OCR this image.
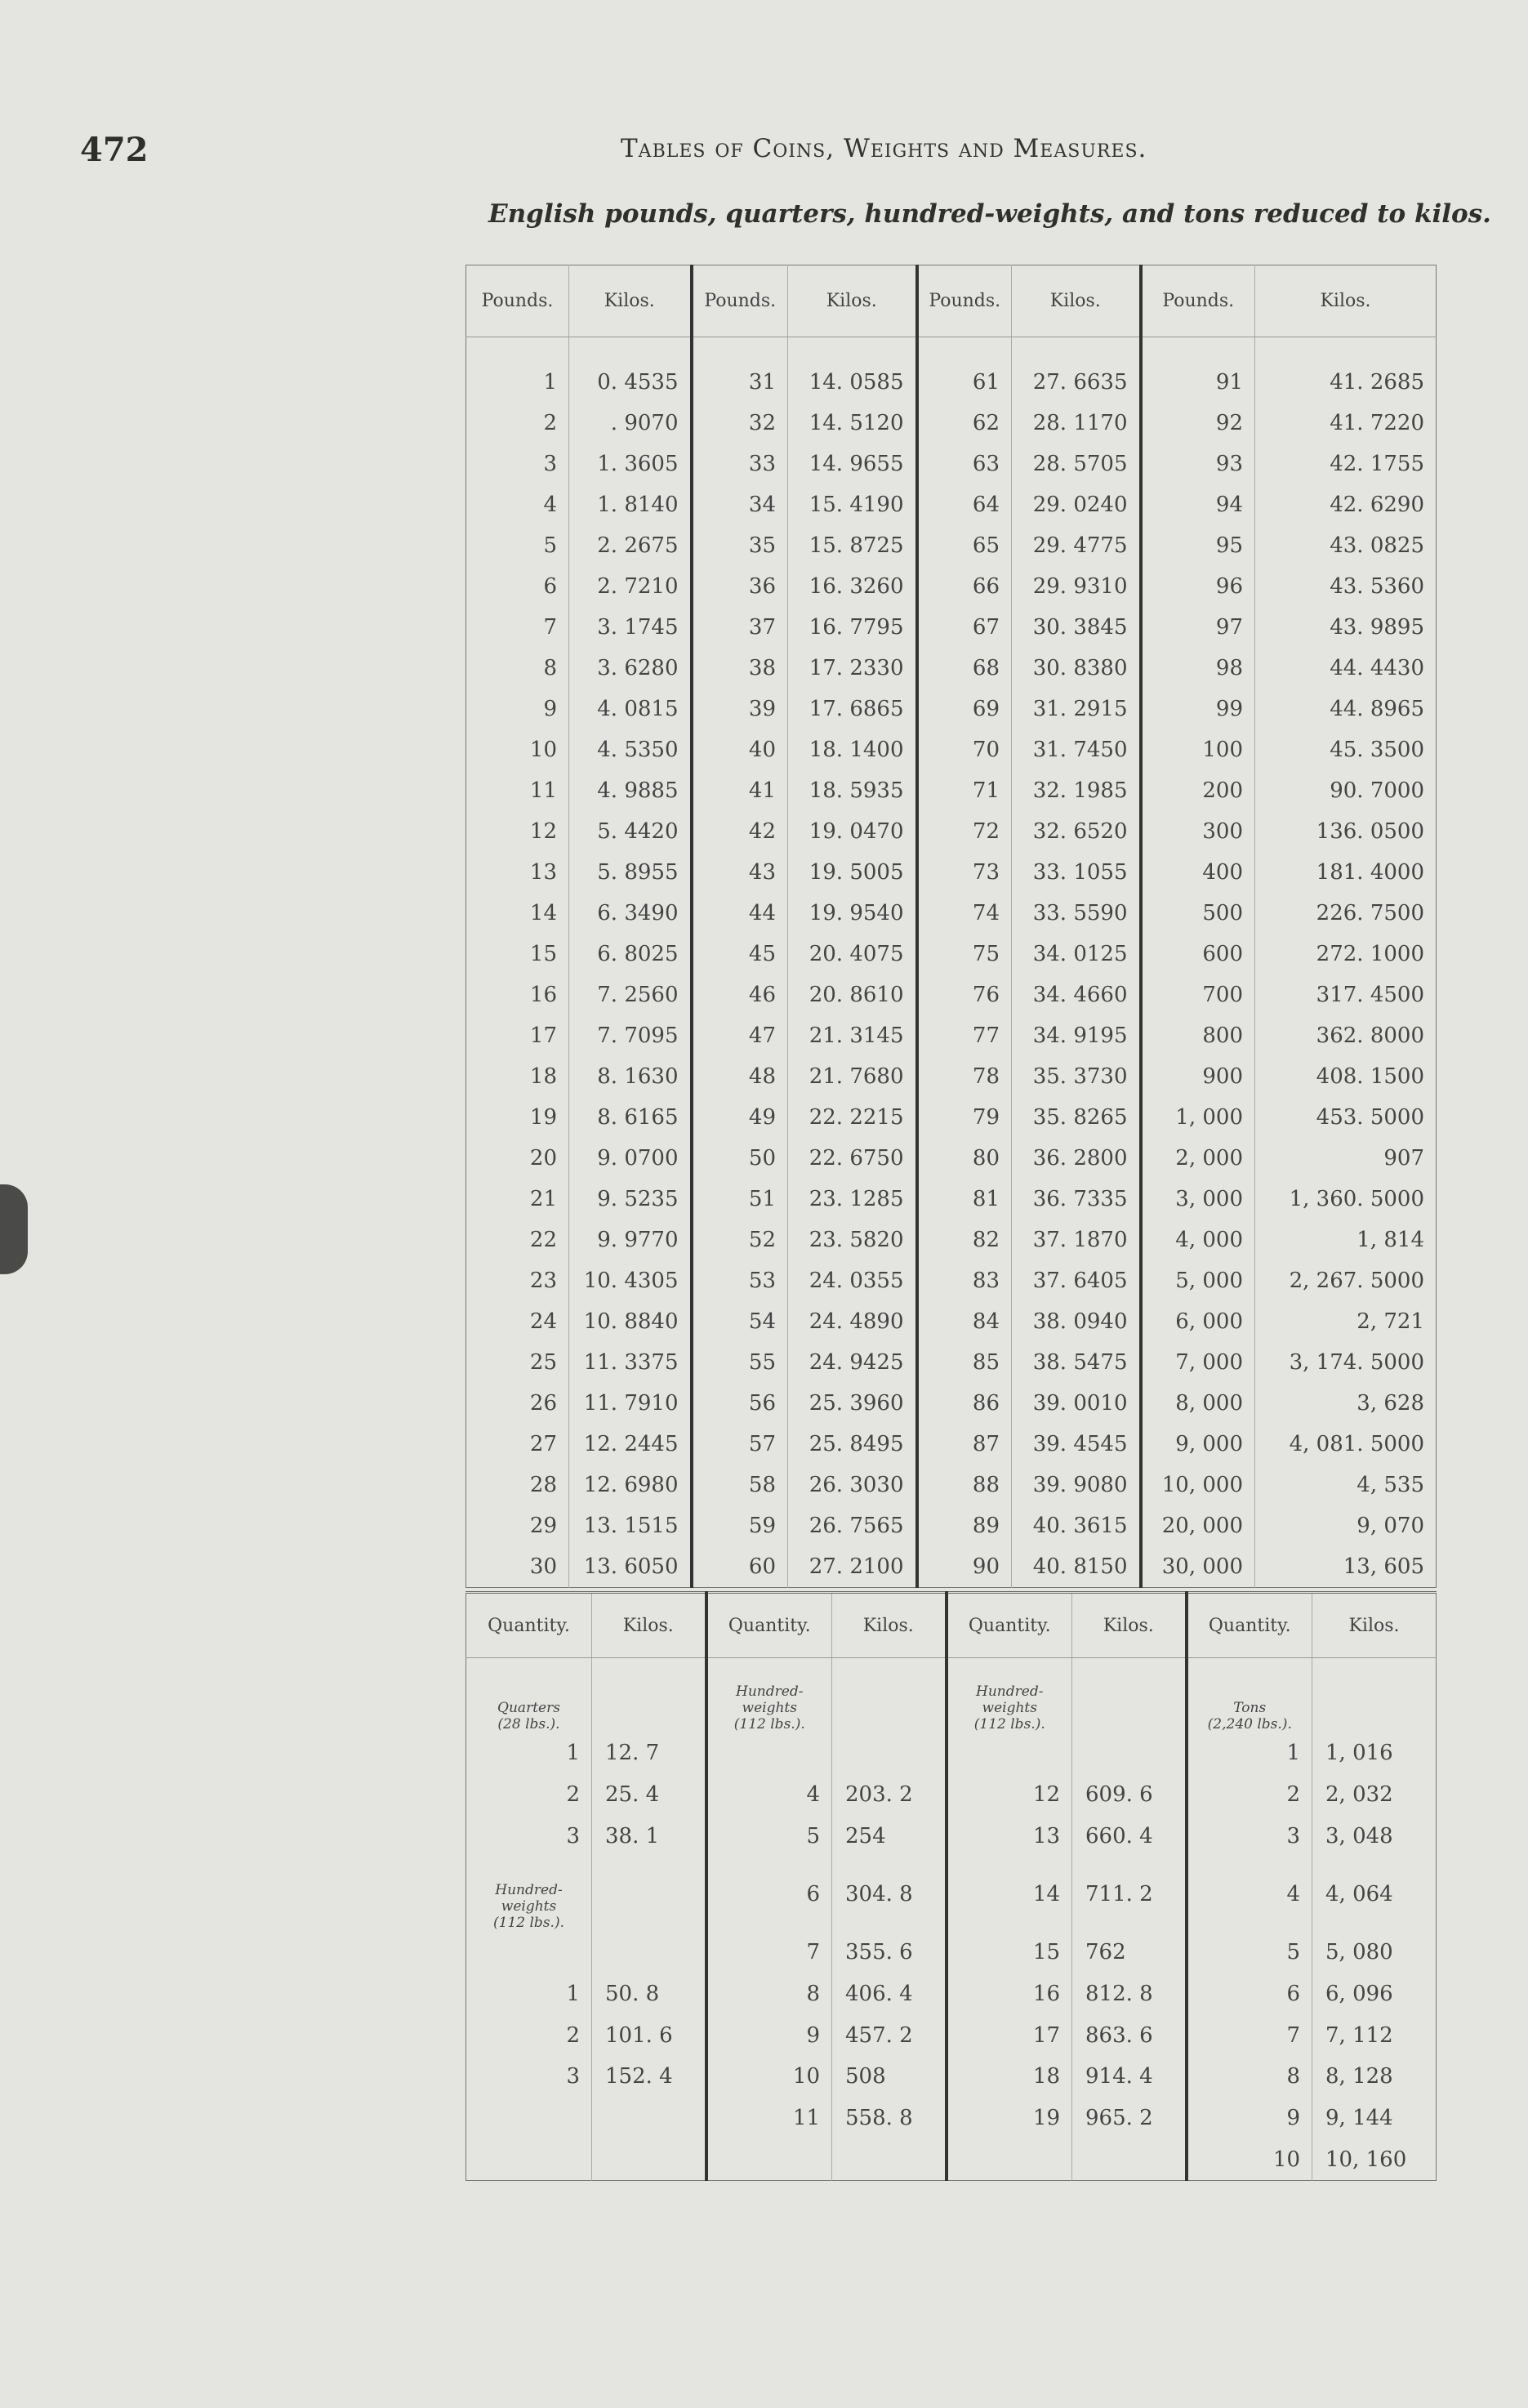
472	Tables of Coins, Weights and Measures.
English pounds, quarters, hundred-weights, and tons reduced to kilos.
Pounds.	Kilos.	Pounds.	Kilos.	Pounds.	Kilos.	Pounds.	Kilos.

1	0. 4535	31	14. 0585	61	27. 6635	91	41. 2685
2	. 9070	32	14. 5120	62	28. 1170	92	41. 7220
3	1. 3605	33	14. 9655	63	28. 5705	93	42. 1755
4	1. 8140	34	15. 4190	64	29. 0240	94	42. 6290
5	2. 2675	35	15. 8725	65	29. 4775	95	43. 0825
6	2. 7210	36	16. 3260	66	29. 9310	96	43. 5360
7	3. 1745	37	16. 7795	67	30. 3845	97	43. 9895
8	3. 6280	38	17. 2330	68	30. 8380	98	44. 4430
9	4. 0815	39	17. 6865	69	31. 2915	99	44. 8965
10	4. 5350	40	18. 1400	70	31. 7450	100	45. 3500
11	4. 9885	41	18. 5935	71	32. 1985	200	90. 7000
12	5. 4420	42	19. 0470	72	32. 6520	300	136. 0500
13	5. 8955	43	19. 5005	73	33. 1055	400	181. 4000
14	6. 3490	44	19. 9540	74	33. 5590	500	226. 7500
15	6. 8025	45	20. 4075	75	34. 0125	600	272. 1000
16	7. 2560	46	20. 8610	76	34. 4660	700	317. 4500
17	7. 7095	47	21. 3145	77	34. 9195	800	362. 8000
18	8. 1630	48	21. 7680	78	35. 3730	900	408. 1500
19	8. 6165	49	22. 2215	79	35. 8265	1, 000	453. 5000
20	9. 0700	50	22. 6750	80	36. 2800	2, 000	907
21	9. 5235	51	23. 1285	81	36. 7335	3, 000	1, 360. 5000
22	9. 9770	52	23. 5820	82	37. 1870	4, 000	1, 814
23	10. 4305	53	24. 0355	83	37. 6405	5, 000	2, 267. 5000
24	10. 8840	54	24. 4890	84	38. 0940	6, 000	2, 721
25	11. 3375	55	24. 9425	85	38. 5475	7, 000	3, 174. 5000
26	11. 7910	56	25. 3960	86	39. 0010	8, 000	3, 628
27	12. 2445	57	25. 8495	87	39. 4545	9, 000	4, 081. 5000
28	12. 6980	58	26. 3030	88	39. 9080	10, 000	4, 535
29	13. 1515	59	26. 7565	89	40. 3615	20, 000	9, 070
30	13. 6050	60	27. 2100	90	40. 8150	30, 000	13, 605
Quantity.	Kilos.	Quantity.	Kilos.	Quantity.	Kilos.	Quantity.	Kilos.

Quarters
(28 lbs.).		Hundred-
weights
(112 lbs.).		Hundred-
weights
(112 lbs.).		Tons
(2,240 lbs.).	

1	12. 7					1	1, 016
2	25. 4	4	203. 2	12	609. 6	2	2, 032
3	38. 1	5	254	13	660. 4	3	3, 048

Hundred-
weights
(112 lbs.).		6	304. 8	14	711. 2	4	4, 064
		7	355. 6	15	762	5	5, 080
1	50. 8	8	406. 4	16	812. 8	6	6, 096
2	101. 6	9	457. 2	17	863. 6	7	7, 112
3	152. 4	10	508	18	914. 4	8	8, 128
		11	558. 8	19	965. 2	9	9, 144
						10	10, 160
